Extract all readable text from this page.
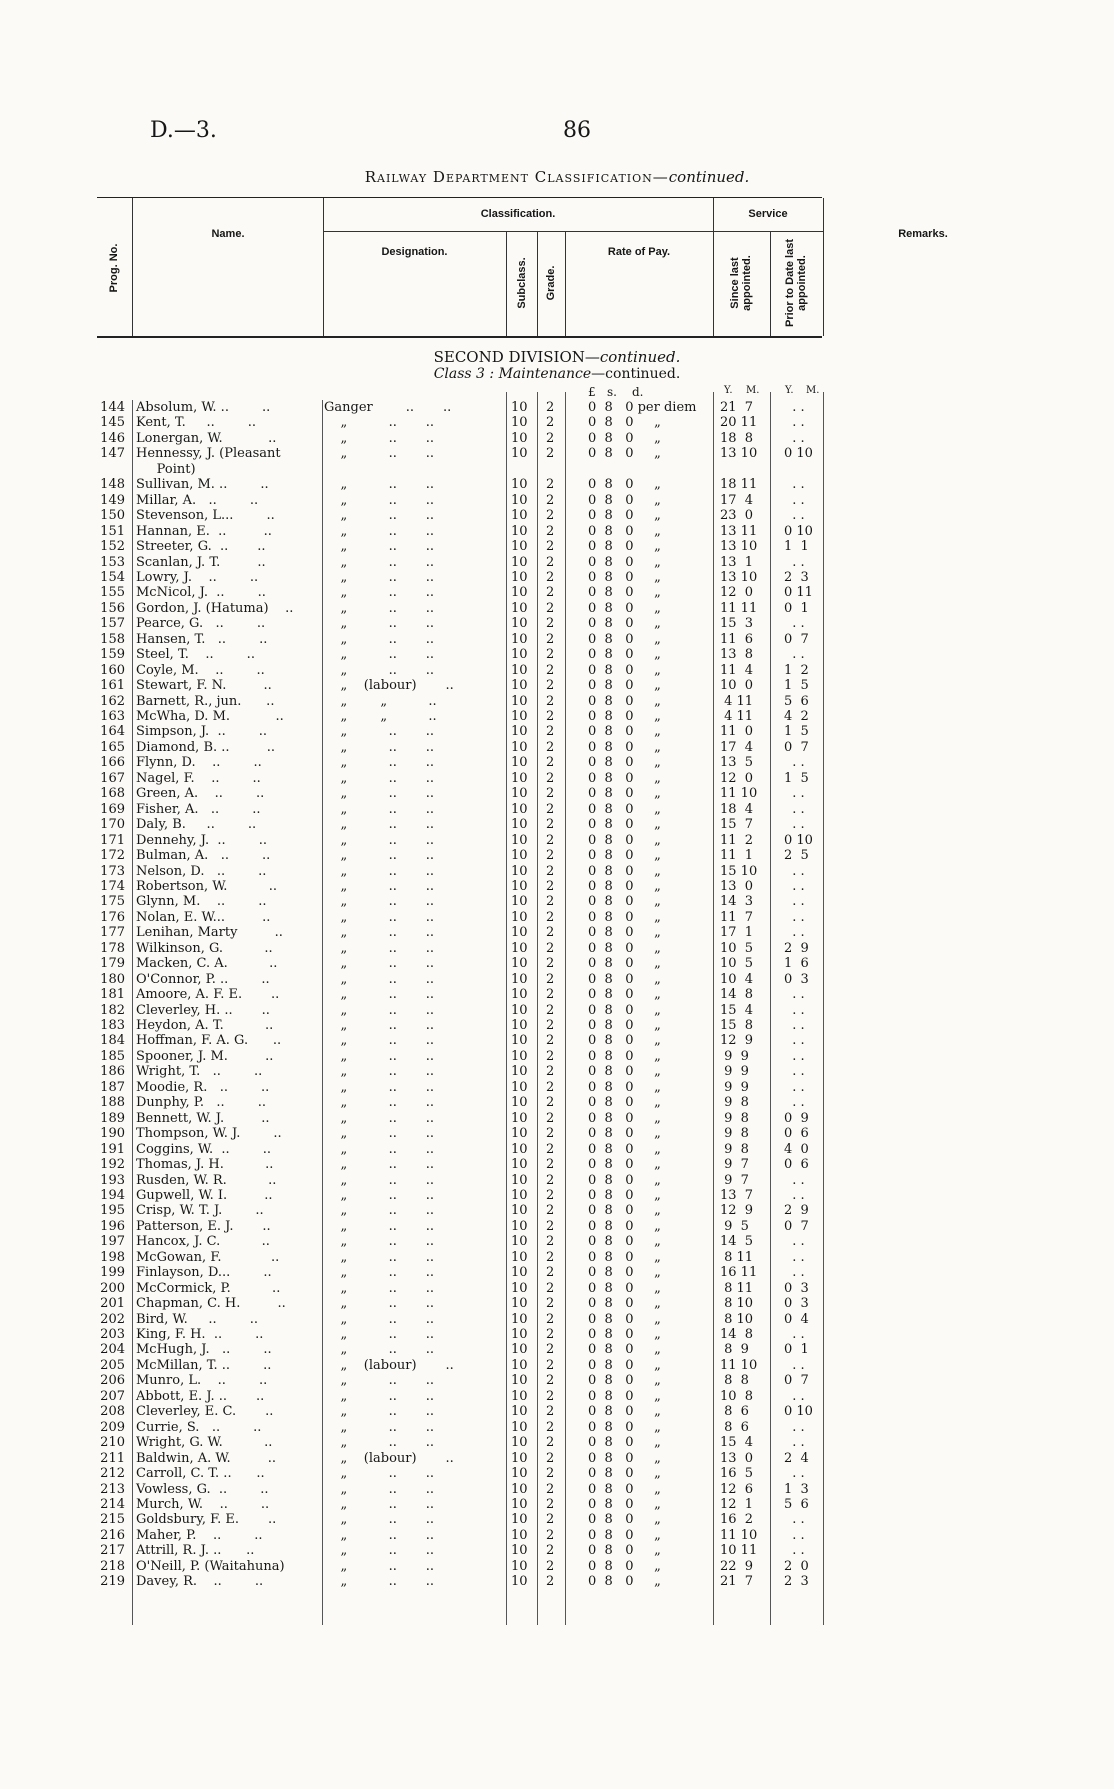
D.—3.	86
Railway Department Classification—continued.
Prog. No.
Name.
Classification.
Designation.
Subclass. Grade.
Rate of Pay.
Service
Since last appointed.	Prior to Date last appointed.
Remarks.
SECOND DIVISION—continued.
Class 3 : Maintenance—continued.
£ s. d.	Y. M.	Y. M.
144 Absolum, W. ..        ..	Ganger        ..       ..	10 2	0  8   0 per diem	21  7	. .
145 Kent, T.     ..        ..	„          ..       ..	10 2	0  8   0     „	20 11	. .
146 Lonergan, W.           ..	„          ..       ..	10 2	0  8   0     „	18  8	. .
147 Hennessy, J. (Pleasant	„          ..       ..	10 2	0  8   0     „	13 10	0 10
Point)
148 Sullivan, M. ..        ..	„          ..       ..	10 2	0  8   0     „	18 11	. .
149 Millar, A.   ..        ..	„          ..       ..	10 2	0  8   0     „	17  4	. .
150 Stevenson, L...        ..	„          ..       ..	10 2	0  8   0     „	23  0	. .
151 Hannan, E.  ..         ..	„          ..       ..	10 2	0  8   0     „	13 11	0 10
152 Streeter, G.  ..       ..	„          ..       ..	10 2	0  8   0     „	13 10	1  1
153 Scanlan, J. T.         ..	„          ..       ..	10 2	0  8   0     „	13  1	. .
154 Lowry, J.    ..        ..	„          ..       ..	10 2	0  8   0     „	13 10	2  3
155 McNicol, J.  ..        ..	„          ..       ..	10 2	0  8   0     „	12  0	0 11
156 Gordon, J. (Hatuma)    ..	„          ..       ..	10 2	0  8   0     „	11 11	0  1
157 Pearce, G.   ..        ..	„          ..       ..	10 2	0  8   0     „	15  3	. .
158 Hansen, T.   ..        ..	„          ..       ..	10 2	0  8   0     „	11  6	0  7
159 Steel, T.    ..        ..	„          ..       ..	10 2	0  8   0     „	13  8	. .
160 Coyle, M.    ..        ..	„          ..       ..	10 2	0  8   0     „	11  4	1  2
161 Stewart, F. N.         ..	„    (labour)       ..	10 2	0  8   0     „	10  0	1  5
162 Barnett, R., jun.      ..	„        „          ..	10 2	0  8   0     „	4 11	5  6
163 McWha, D. M.           ..	„        „          ..	10 2	0  8   0     „	4 11	4  2
164 Simpson, J.  ..        ..	„          ..       ..	10 2	0  8   0     „	11  0	1  5
165 Diamond, B. ..         ..	„          ..       ..	10 2	0  8   0     „	17  4	0  7
166 Flynn, D.    ..        ..	„          ..       ..	10 2	0  8   0     „	13  5	. .
167 Nagel, F.    ..        ..	„          ..       ..	10 2	0  8   0     „	12  0	1  5
168 Green, A.    ..        ..	„          ..       ..	10 2	0  8   0     „	11 10	. .
169 Fisher, A.   ..        ..	„          ..       ..	10 2	0  8   0     „	18  4	. .
170 Daly, B.     ..        ..	„          ..       ..	10 2	0  8   0     „	15  7	. .
171 Dennehy, J.  ..        ..	„          ..       ..	10 2	0  8   0     „	11  2	0 10
172 Bulman, A.   ..        ..	„          ..       ..	10 2	0  8   0     „	11  1	2  5
173 Nelson, D.   ..        ..	„          ..       ..	10 2	0  8   0     „	15 10	. .
174 Robertson, W.          ..	„          ..       ..	10 2	0  8   0     „	13  0	. .
175 Glynn, M.    ..        ..	„          ..       ..	10 2	0  8   0     „	14  3	. .
176 Nolan, E. W...         ..	„          ..       ..	10 2	0  8   0     „	11  7	. .
177 Lenihan, Marty         ..	„          ..       ..	10 2	0  8   0     „	17  1	. .
178 Wilkinson, G.          ..	„          ..       ..	10 2	0  8   0     „	10  5	2  9
179 Macken, C. A.          ..	„          ..       ..	10 2	0  8   0     „	10  5	1  6
180 O'Connor, P. ..        ..	„          ..       ..	10 2	0  8   0     „	10  4	0  3
181 Amoore, A. F. E.       ..	„          ..       ..	10 2	0  8   0     „	14  8	. .
182 Cleverley, H. ..       ..	„          ..       ..	10 2	0  8   0     „	15  4	. .
183 Heydon, A. T.          ..	„          ..       ..	10 2	0  8   0     „	15  8	. .
184 Hoffman, F. A. G.      ..	„          ..       ..	10 2	0  8   0     „	12  9	. .
185 Spooner, J. M.         ..	„          ..       ..	10 2	0  8   0     „	9  9	. .
186 Wright, T.   ..        ..	„          ..       ..	10 2	0  8   0     „	9  9	. .
187 Moodie, R.   ..        ..	„          ..       ..	10 2	0  8   0     „	9  9	. .
188 Dunphy, P.   ..        ..	„          ..       ..	10 2	0  8   0     „	9  8	. .
189 Bennett, W. J.         ..	„          ..       ..	10 2	0  8   0     „	9  8	0  9
190 Thompson, W. J.        ..	„          ..       ..	10 2	0  8   0     „	9  8	0  6
191 Coggins, W.  ..        ..	„          ..       ..	10 2	0  8   0     „	9  8	4  0
192 Thomas, J. H.          ..	„          ..       ..	10 2	0  8   0     „	9  7	0  6
193 Rusden, W. R.          ..	„          ..       ..	10 2	0  8   0     „	9  7	. .
194 Gupwell, W. I.         ..	„          ..       ..	10 2	0  8   0     „	13  7	. .
195 Crisp, W. T. J.        ..	„          ..       ..	10 2	0  8   0     „	12  9	2  9
196 Patterson, E. J.       ..	„          ..       ..	10 2	0  8   0     „	9  5	0  7
197 Hancox, J. C.          ..	„          ..       ..	10 2	0  8   0     „	14  5	. .
198 McGowan, F.            ..	„          ..       ..	10 2	0  8   0     „	8 11	. .
199 Finlayson, D...        ..	„          ..       ..	10 2	0  8   0     „	16 11	. .
200 McCormick, P.          ..	„          ..       ..	10 2	0  8   0     „	8 11	0  3
201 Chapman, C. H.         ..	„          ..       ..	10 2	0  8   0     „	8 10	0  3
202 Bird, W.     ..        ..	„          ..       ..	10 2	0  8   0     „	8 10	0  4
203 King, F. H.  ..        ..	„          ..       ..	10 2	0  8   0     „	14  8	. .
204 McHugh, J.   ..        ..	„          ..       ..	10 2	0  8   0     „	8  9	0  1
205 McMillan, T. ..        ..	„    (labour)       ..	10 2	0  8   0     „	11 10	. .
206 Munro, L.    ..        ..	„          ..       ..	10 2	0  8   0     „	8  8	0  7
207 Abbott, E. J. ..       ..	„          ..       ..	10 2	0  8   0     „	10  8	. .
208 Cleverley, E. C.       ..	„          ..       ..	10 2	0  8   0     „	8  6	0 10
209 Currie, S.   ..        ..	„          ..       ..	10 2	0  8   0     „	8  6	. .
210 Wright, G. W.          ..	„          ..       ..	10 2	0  8   0     „	15  4	. .
211 Baldwin, A. W.         ..	„    (labour)       ..	10 2	0  8   0     „	13  0	2  4
212 Carroll, C. T. ..      ..	„          ..       ..	10 2	0  8   0     „	16  5	. .
213 Vowless, G.  ..        ..	„          ..       ..	10 2	0  8   0     „	12  6	1  3
214 Murch, W.    ..        ..	„          ..       ..	10 2	0  8   0     „	12  1	5  6
215 Goldsbury, F. E.       ..	„          ..       ..	10 2	0  8   0     „	16  2	. .
216 Maher, P.    ..        ..	„          ..       ..	10 2	0  8   0     „	11 10	. .
217 Attrill, R. J. ..      ..	„          ..       ..	10 2	0  8   0     „	10 11	. .
218 O'Neill, P. (Waitahuna)	„          ..       ..	10 2	0  8   0     „	22  9	2  0
219 Davey, R.    ..        ..	„          ..       ..	10 2	0  8   0     „	21  7	2  3
